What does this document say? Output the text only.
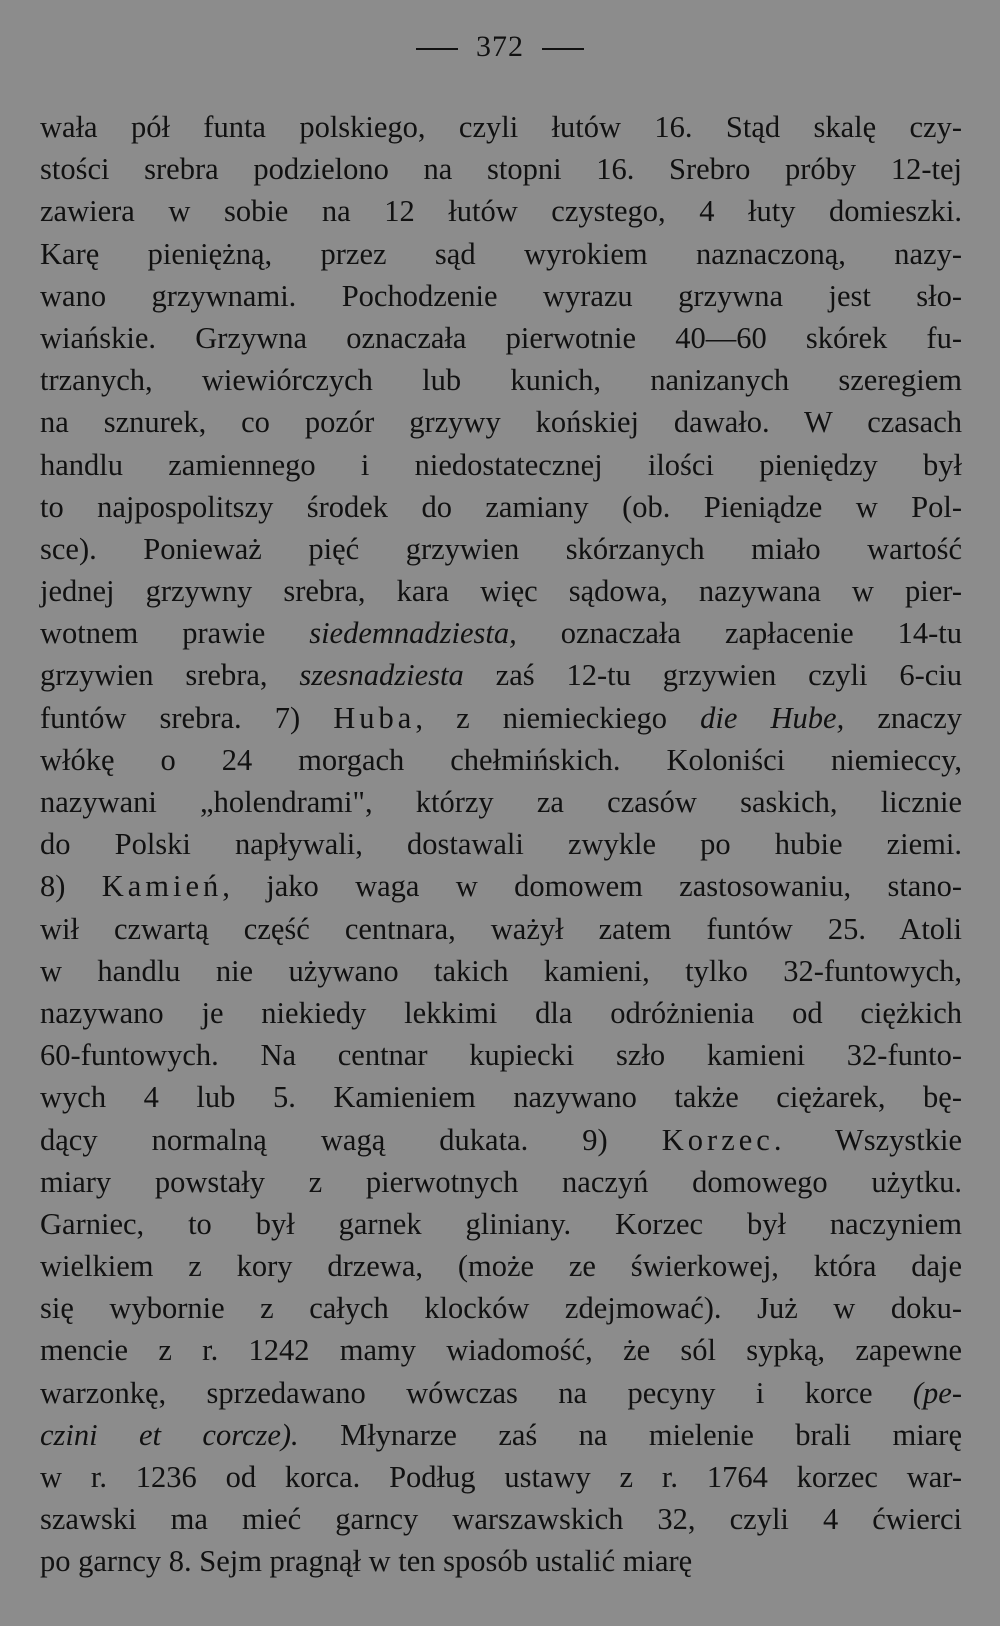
372
wała pół funta polskiego, czyli łutów 16. Stąd skalę czy-
stości srebra podzielono na stopni 16. Srebro próby 12-tej
zawiera w sobie na 12 łutów czystego, 4 łuty domieszki.
Karę pieniężną, przez sąd wyrokiem naznaczoną, nazy-
wano grzywnami. Pochodzenie wyrazu grzywna jest sło-
wiańskie. Grzywna oznaczała pierwotnie 40—60 skórek fu-
trzanych, wiewiórczych lub kunich, nanizanych szeregiem
na sznurek, co pozór grzywy końskiej dawało. W czasach
handlu zamiennego i niedostatecznej ilości pieniędzy był
to najpospolitszy środek do zamiany (ob. Pieniądze w Pol-
sce). Ponieważ pięć grzywien skórzanych miało wartość
jednej grzywny srebra, kara więc sądowa, nazywana w pier-
wotnem prawie siedemnadziesta, oznaczała zapłacenie 14-tu
grzywien srebra, szesnadziesta zaś 12-tu grzywien czyli 6-ciu
funtów srebra. 7) Huba, z niemieckiego die Hube, znaczy
włókę o 24 morgach chełmińskich. Koloniści niemieccy,
nazywani „holendrami", którzy za czasów saskich, licznie
do Polski napływali, dostawali zwykle po hubie ziemi.
8) Kamień, jako waga w domowem zastosowaniu, stano-
wił czwartą część centnara, ważył zatem funtów 25. Atoli
w handlu nie używano takich kamieni, tylko 32-funtowych,
nazywano je niekiedy lekkimi dla odróżnienia od ciężkich
60-funtowych. Na centnar kupiecki szło kamieni 32-funto-
wych 4 lub 5. Kamieniem nazywano także ciężarek, bę-
dący normalną wagą dukata. 9) Korzec. Wszystkie
miary powstały z pierwotnych naczyń domowego użytku.
Garniec, to był garnek gliniany. Korzec był naczyniem
wielkiem z kory drzewa, (może ze świerkowej, która daje
się wybornie z całych klocków zdejmować). Już w doku-
mencie z r. 1242 mamy wiadomość, że sól sypką, zapewne
warzonkę, sprzedawano wówczas na pecyny i korce (pe-
czini et corcze). Młynarze zaś na mielenie brali miarę
w r. 1236 od korca. Podług ustawy z r. 1764 korzec war-
szawski ma mieć garncy warszawskich 32, czyli 4 ćwierci
po garncy 8. Sejm pragnął w ten sposób ustalić miarę
